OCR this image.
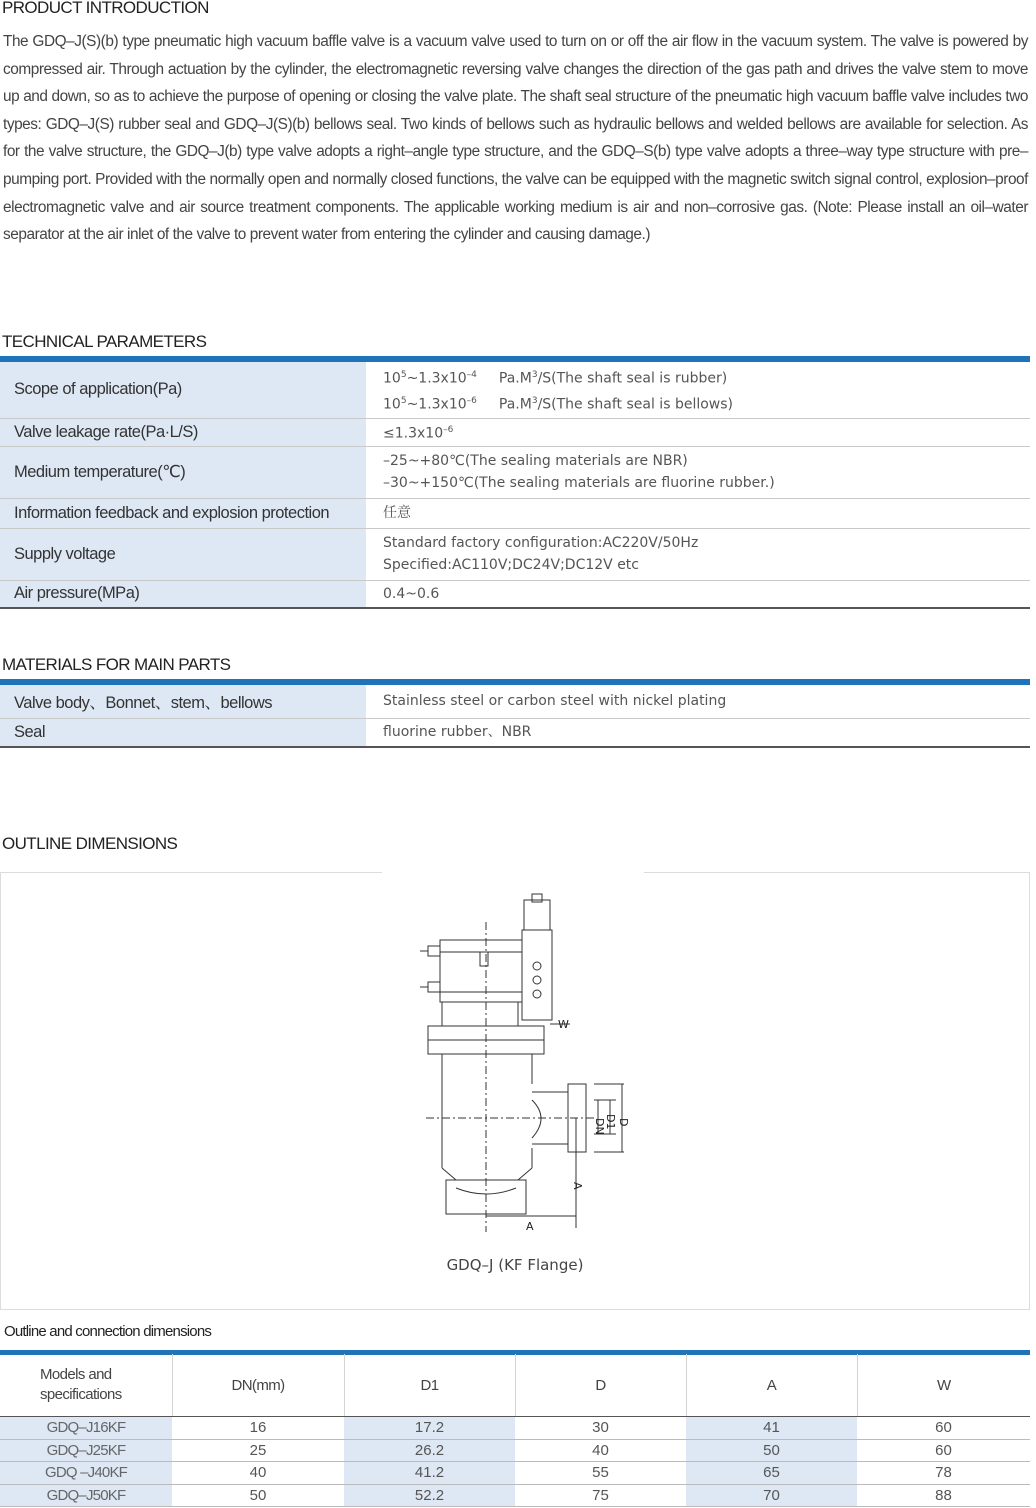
PRODUCT INTRODUCTION
The GDQ–J(S)(b) type pneumatic high vacuum baffle valve is a vacuum valve used to turn on or off the air flow in the vacuum system. The valve is powered by compressed air. Through actuation by the cylinder, the electromagnetic reversing valve changes the direction of the gas path and drives the valve stem to move up and down, so as to achieve the purpose of opening or closing the valve plate. The shaft seal structure of the pneumatic high vacuum baffle valve includes two types: GDQ–J(S) rubber seal and GDQ–J(S)(b) bellows seal. Two kinds of bellows such as hydraulic bellows and welded bellows are available for selection. As for the valve structure, the GDQ–J(b) type valve adopts a right–angle type structure, and the GDQ–S(b) type valve adopts a three–way type structure with pre–pumping port. Provided with the normally open and normally closed functions, the valve can be equipped with the magnetic switch signal control, explosion–proof electromagnetic valve and air source treatment components. The applicable working medium is air and non–corrosive gas. (Note: Please install an oil–water separator at the air inlet of the valve to prevent water from entering the cylinder and causing damage.)
TECHNICAL PARAMETERS
Scope of application(Pa)	$10^5\sim 1.3x10^{-4}$ $Pa.M^3/S(The$ shaft seal is rubber)
$10^5\sim 1.3x10^{-6}$ $Pa.M^3/S(The$ shaft seal is bellows)

Valve leakage rate(Pa·L/S)	$\le 1.3x10^{-6}$
Medium temperature(℃)	–25~+80℃(The sealing materials are NBR)
–30~+150℃(The sealing materials are fluorine rubber.)

Information feedback and explosion protection	任意
Supply voltage	Standard factory configuration:AC220V/50Hz
Specified:AC110V;DC24V;DC12V etc

Air pressure(MPa)	0.4~0.6
MATERIALS FOR MAIN PARTS
Valve body、Bonnet、stem、bellows	Stainless steel or carbon steel with nickel plating
Seal	fluorine rubber、NBR
OUTLINE DIMENSIONS
W
DN
D1 D
A
A
GDQ–J (KF Flange)
Outline and connection dimensions
Models and
specifications	DN(mm)	D1	D	A	W
GDQ–J16KF	16	17.2	30	41	60
GDQ–J25KF	25	26.2	40	50	60
GDQ –J40KF	40	41.2	55	65	78
GDQ–J50KF	50	52.2	75	70	88
